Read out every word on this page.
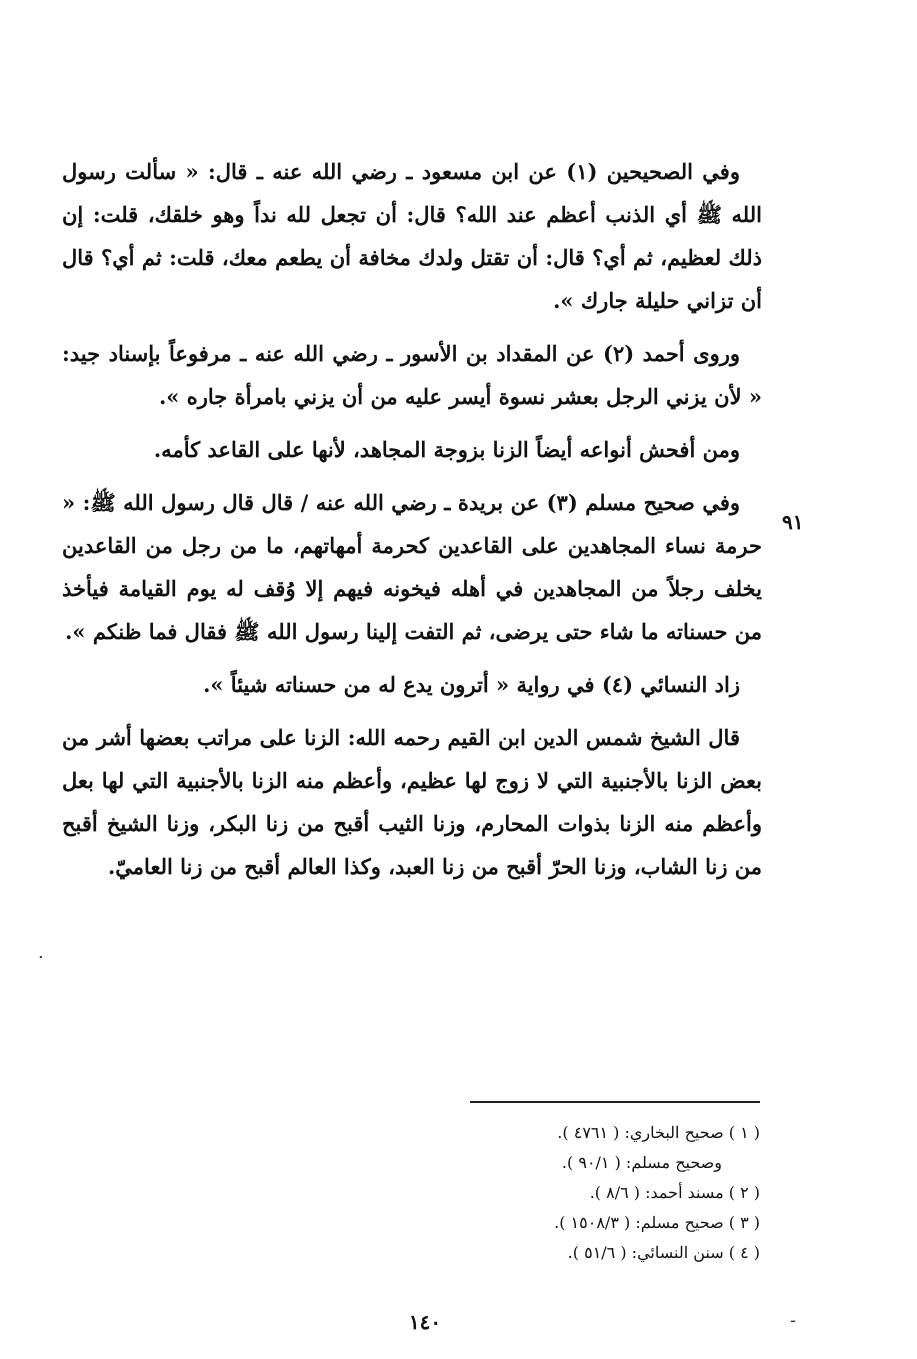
وفي الصحيحين (١) عن ابن مسعود ـ رضي الله عنه ـ قال: « سألت رسول الله ﷺ أي الذنب أعظم عند الله؟ قال: أن تجعل لله نداً وهو خلقك، قلت: إن ذلك لعظيم، ثم أي؟ قال: أن تقتل ولدك مخافة أن يطعم معك، قلت: ثم أي؟ قال أن تزاني حليلة جارك ».

وروى أحمد (٢) عن المقداد بن الأسور ـ رضي الله عنه ـ مرفوعاً بإسناد جيد: « لأن يزني الرجل بعشر نسوة أيسر عليه من أن يزني بامرأة جاره ».

ومن أفحش أنواعه أيضاً الزنا بزوجة المجاهد، لأنها على القاعد كأمه.

وفي صحيح مسلم (٣) عن بريدة ـ رضي الله عنه / قال قال رسول الله ﷺ: « حرمة نساء المجاهدين على القاعدين كحرمة أمهاتهم، ما من رجل من القاعدين يخلف رجلاً من المجاهدين في أهله فيخونه فيهم إلا وُقف له يوم القيامة فيأخذ من حسناته ما شاء حتى يرضى، ثم التفت إلينا رسول الله ﷺ فقال فما ظنكم ».

زاد النسائي (٤) في رواية « أترون يدع له من حسناته شيئاً ».

قال الشيخ شمس الدين ابن القيم رحمه الله: الزنا على مراتب بعضها أشر من بعض الزنا بالأجنبية التي لا زوج لها عظيم، وأعظم منه الزنا بالأجنبية التي لها بعل وأعظم منه الزنا بذوات المحارم، وزنا الثيب أقبح من زنا البكر، وزنا الشيخ أقبح من زنا الشاب، وزنا الحرّ أقبح من زنا العبد، وكذا العالم أقبح من زنا العاميّ.

٩١

( ١ ) صحيح البخاري: ( ٤٧٦١ ).

وصحيح مسلم: ( ٩٠/١ ).

( ٢ ) مسند أحمد: ( ٨/٦ ).

( ٣ ) صحيح مسلم: ( ١٥٠٨/٣ ).

( ٤ ) سنن النسائي: ( ٥١/٦ ).

١٤٠
.
-
